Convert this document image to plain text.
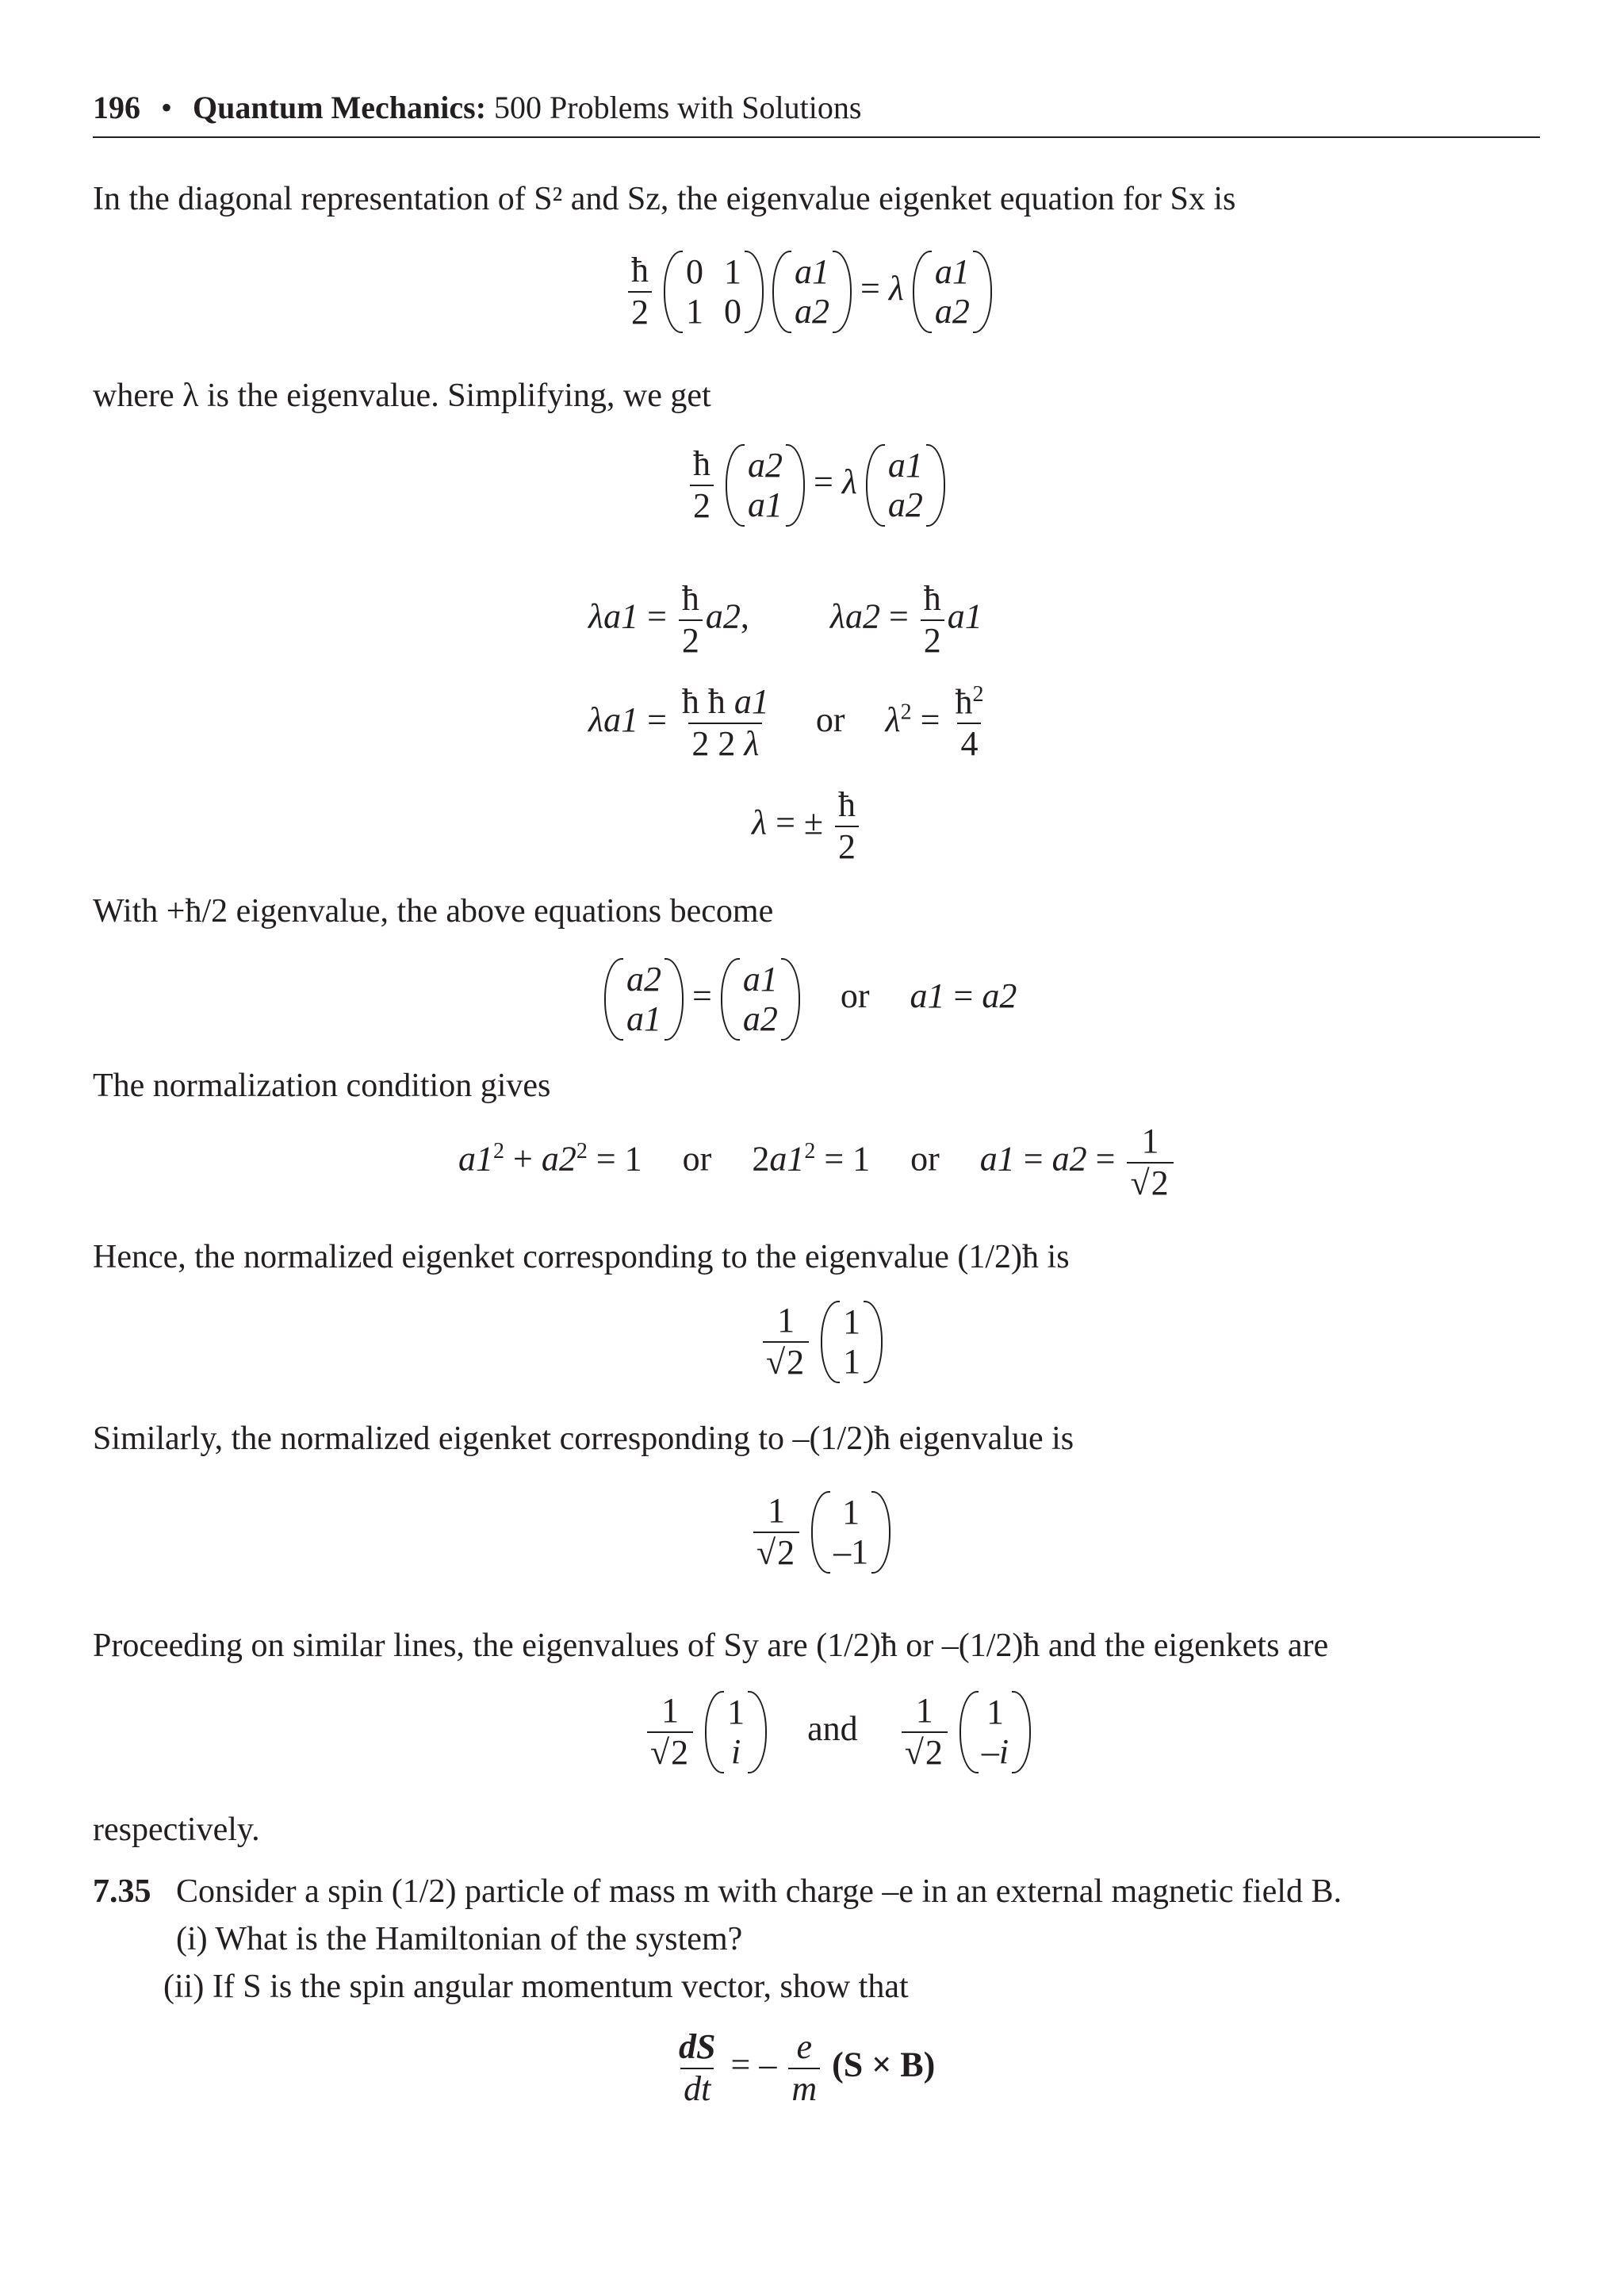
196 • Quantum Mechanics: 500 Problems with Solutions
In the diagonal representation of S² and Sz, the eigenvalue eigenket equation for Sx is
$\frac{ħ}{2}$
0 1
1 0

a1
a2
= λ a1
a2
where λ is the eigenvalue. Simplifying, we get
$\frac{ħ}{2}$
a2
a1
= λ a1
a2
$\lambda a1 = \frac{ħ}{2} a2$, $\lambda a2 = \frac{ħ}{2} a1$
$\lambda a1 = \frac{\text{ħ ħ a1}}{2 2 \lambda}$ or $\lambda^2 = \frac{ħ^2}{4}$
λ = ± $\frac{ħ}{2}$
With +ħ/2 eigenvalue, the above equations become
a2
a1
= a1
a2
or a1 = a2
The normalization condition gives
$a1^2 + a2^2 = 1$ or $2a1^2 = 1$ or $a1 = a2 = \frac{1}{√2}$
Hence, the normalized eigenket corresponding to the eigenvalue (1/2)ħ is
$\frac{1}{√2}$
1
1
Similarly, the normalized eigenket corresponding to –(1/2)ħ eigenvalue is
$\frac{1}{√2}$
1
–1
Proceeding on similar lines, the eigenvalues of Sy are (1/2)ħ or –(1/2)ħ and the eigenkets are
$\frac{1}{√2}$
1
i
and $\frac{1}{√2}$
1
–i
respectively.
7.35 Consider a spin (1/2) particle of mass m with charge –e in an external magnetic field B.
(i) What is the Hamiltonian of the system?
(ii) If S is the spin angular momentum vector, show that
$\frac{dS}{dt}$ = – $\frac{e}{m} (S \times B)$
